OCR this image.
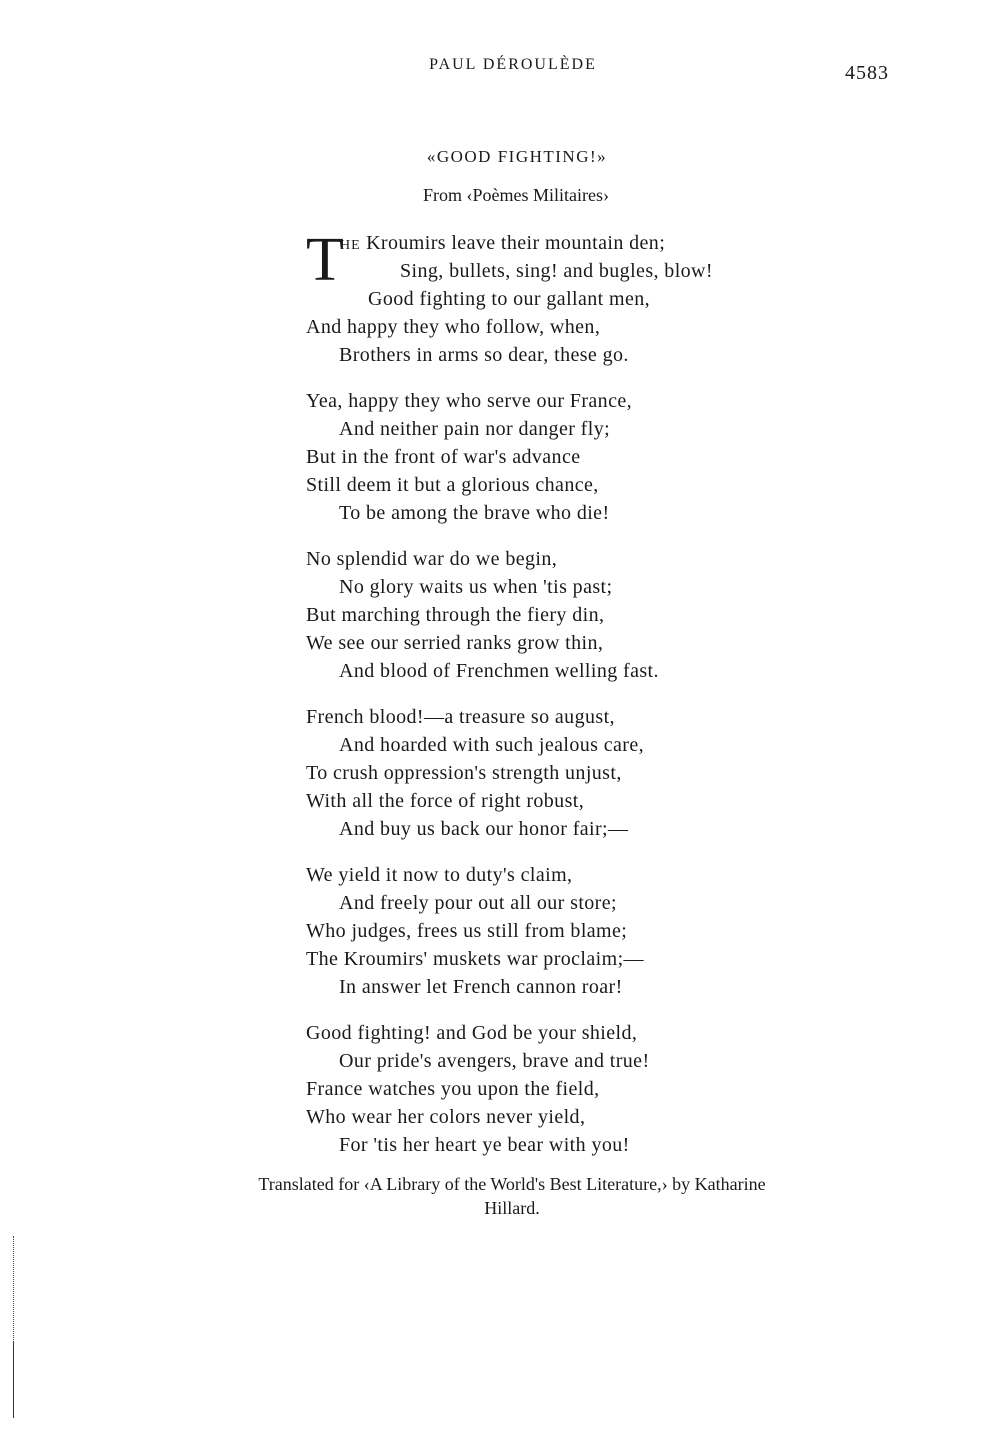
PAUL DÉROULÈDE	4583
«GOOD FIGHTING!»
From ‹Poèmes Militaires›
T
HE Kroumirs leave their mountain den;
Sing, bullets, sing! and bugles, blow!
Good fighting to our gallant men,
And happy they who follow, when,
Brothers in arms so dear, these go.
Yea, happy they who serve our France,
And neither pain nor danger fly;
But in the front of war's advance
Still deem it but a glorious chance,
To be among the brave who die!
No splendid war do we begin,
No glory waits us when 'tis past;
But marching through the fiery din,
We see our serried ranks grow thin,
And blood of Frenchmen welling fast.
French blood!—a treasure so august,
And hoarded with such jealous care,
To crush oppression's strength unjust,
With all the force of right robust,
And buy us back our honor fair;—
We yield it now to duty's claim,
And freely pour out all our store;
Who judges, frees us still from blame;
The Kroumirs' muskets war proclaim;—
In answer let French cannon roar!
Good fighting! and God be your shield,
Our pride's avengers, brave and true!
France watches you upon the field,
Who wear her colors never yield,
For 'tis her heart ye bear with you!
Translated for ‹A Library of the World's Best Literature,› by Katharine
Hillard.
